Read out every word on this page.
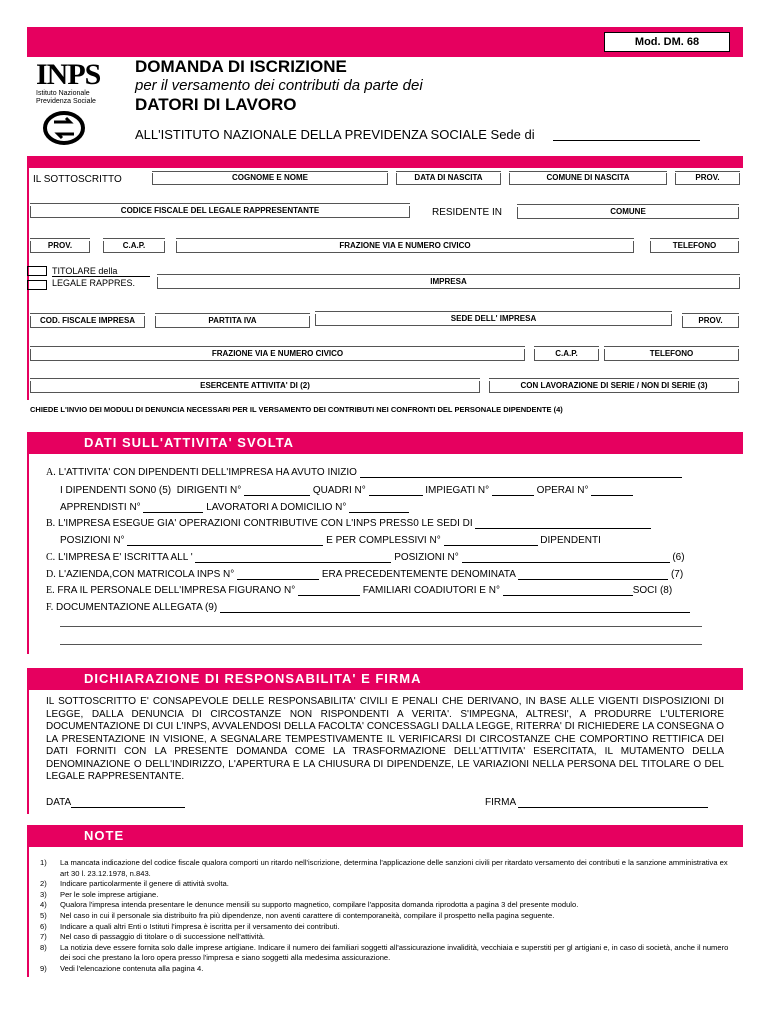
Mod. DM. 68
INPS
Istituto Nazionale
Previdenza Sociale
DOMANDA DI ISCRIZIONE
per il versamento dei contributi da parte dei
DATORI DI LAVORO
ALL'ISTITUTO NAZIONALE DELLA PREVIDENZA SOCIALE Sede di
IL SOTTOSCRITTO	COGNOME E NOME	DATA DI NASCITA	COMUNE DI NASCITA	PROV.
CODICE FISCALE DEL LEGALE RAPPRESENTANTE	RESIDENTE IN	COMUNE
PROV.	C.A.P.	FRAZIONE VIA E NUMERO CIVICO	TELEFONO
TITOLARE della
LEGALE RAPPRES.	IMPRESA
COD. FISCALE IMPRESA	PARTITA IVA	SEDE DELL' IMPRESA	PROV.
FRAZIONE VIA E NUMERO CIVICO	C.A.P.	TELEFONO
ESERCENTE ATTIVITA' DI (2)	CON LAVORAZIONE DI SERIE / NON DI SERIE (3)
CHIEDE L'INVIO DEI MODULI DI DENUNCIA NECESSARI PER IL VERSAMENTO DEI CONTRIBUTI NEI CONFRONTI DEL PERSONALE DIPENDENTE (4)
DATI SULL'ATTIVITA' SVOLTA
A. L'ATTIVITA' CON DIPENDENTI DELL'IMPRESA HA AVUTO INIZIO
I DIPENDENTI SON0 (5) DIRIGENTI N°	QUADRI N°	IMPIEGATI N°	OPERAI N°
APPRENDISTI N°	LAVORATORI A DOMICILIO N°
B. L'IMPRESA ESEGUE GIA' OPERAZIONI CONTRIBUTIVE CON L'INPS PRESS0 LE SEDI DI
POSIZIONI N°	E PER COMPLESSIVI N°	DIPENDENTI
C. L'IMPRESA E' ISCRITTA ALL '	POSIZIONI N°	(6)
D. L'AZIENDA,CON MATRICOLA INPS N°	ERA PRECEDENTEMENTE DENOMINATA	(7)
E. FRA IL PERSONALE DELL'IMPRESA FIGURANO N°	FAMILIARI COADIUTORI E N°	SOCI (8)
F. DOCUMENTAZIONE ALLEGATA (9)
DICHIARAZIONE DI RESPONSABILITA' E FIRMA
IL SOTTOSCRITTO E' CONSAPEVOLE DELLE RESPONSABILITA' CIVILI E PENALI CHE DERIVANO, IN BASE ALLE VIGENTI DISPOSIZIONI DI LEGGE, DALLA DENUNCIA DI CIRCOSTANZE NON RISPONDENTI A VERITA'. S'IMPEGNA, ALTRESI', A PRODURRE L'ULTERIORE DOCUMENTAZIONE DI CUI L'INPS, AVVALENDOSI DELLA FACOLTA' CONCESSAGLI DALLA LEGGE, RITERRA' DI RICHIEDERE LA CONSEGNA O LA PRESENTAZIONE IN VISIONE, A SEGNALARE TEMPESTIVAMENTE IL VERIFICARSI DI CIRCOSTANZE CHE COMPORTINO RETTIFICA DEI DATI FORNITI CON LA PRESENTE DOMANDA COME LA TRASFORMAZIONE DELL'ATTIVITA' ESERCITATA, IL MUTAMENTO DELLA DENOMINAZIONE O DELL'INDIRIZZO, L'APERTURA E LA CHIUSURA DI DIPENDENZE, LE VARIAZIONI NELLA PERSONA DEL TITOLARE O DEL LEGALE RAPPRESENTANTE.
DATA	FIRMA
NOTE
1)	La mancata indicazione del codice fiscale qualora comporti un ritardo nell'iscrizione, determina l'applicazione delle sanzioni civili per ritardato versamento dei contributi e la sanzione amministrativa ex art 30 l. 23.12.1978, n.843.
2)	Indicare particolarmente il genere di attività svolta.
3)	Per le sole imprese artigiane.
4)	Qualora l'impresa intenda presentare le denunce mensili su supporto magnetico, compilare l'apposita domanda riprodotta a pagina 3 del presente modulo.
5)	Nel caso in cui il personale sia distribuito fra più dipendenze, non aventi carattere di contemporaneità, compilare il prospetto nella pagina seguente.
6)	Indicare a quali altri Enti o Istituti l'impresa è iscritta per il versamento dei contributi.
7)	Nel caso di passaggio di titolare o di successione nell'attività.
8)	La notizia deve essere fornita solo dalle imprese artigiane. Indicare il numero dei familiari soggetti all'assicurazione invalidità, vecchiaia e superstiti per gl artigiani e, in caso di società, anche il numero dei soci che prestano la loro opera presso l'impresa e siano soggetti alla medesima assicurazione.
9)	Vedi l'elencazione contenuta alla pagina 4.
